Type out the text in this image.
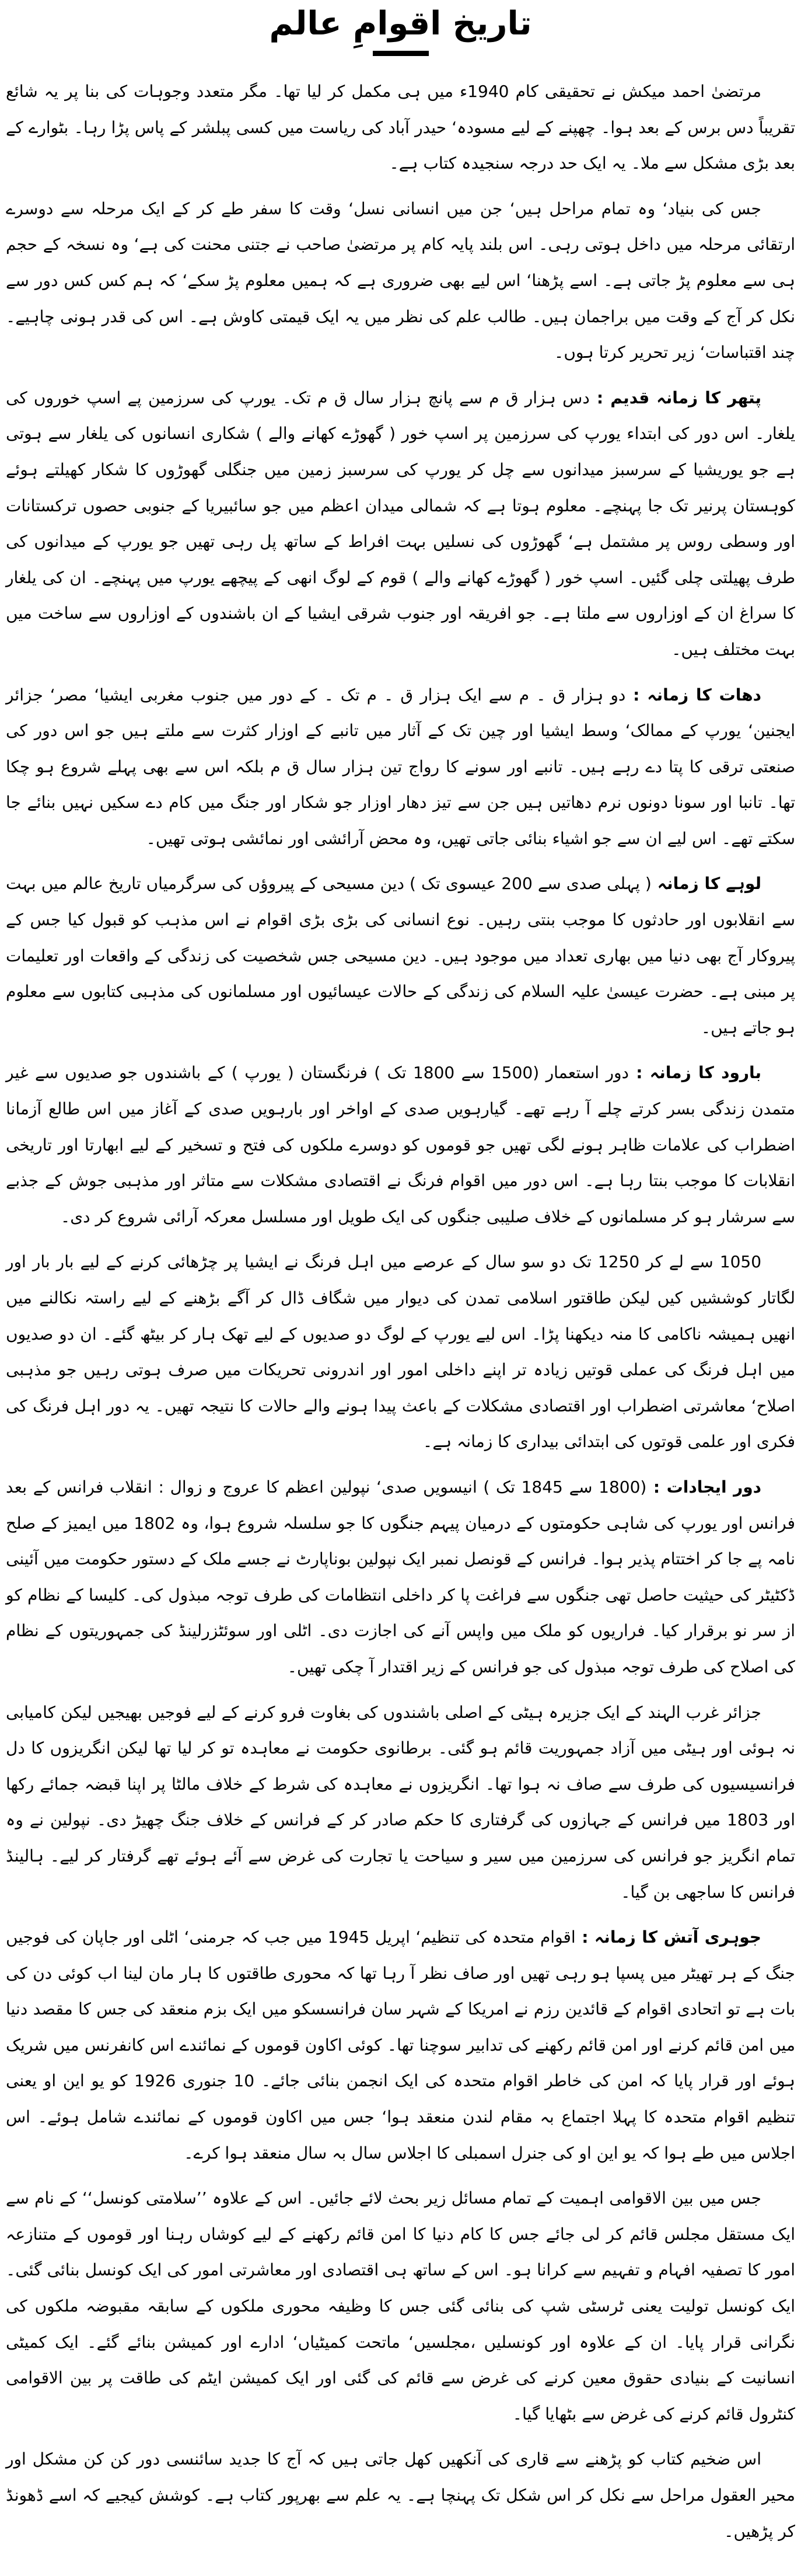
تاریخ اقوامِ عالم

مرتضیٰ احمد میکش نے تحقیقی کام 1940ء میں ہی مکمل کر لیا تھا۔ مگر متعدد وجوہات کی بنا پر یہ شائع تقریباً دس برس کے بعد ہوا۔ چھپنے کے لیے مسودہ‘ حیدر آباد کی ریاست میں کسی پبلشر کے پاس پڑا رہا۔ بٹوارے کے بعد بڑی مشکل سے ملا۔ یہ ایک حد درجہ سنجیدہ کتاب ہے۔

جس کی بنیاد‘ وہ تمام مراحل ہیں‘ جن میں انسانی نسل‘ وقت کا سفر طے کر کے ایک مرحلہ سے دوسرے ارتقائی مرحلہ میں داخل ہوتی رہی۔ اس بلند پایہ کام پر مرتضیٰ صاحب نے جتنی محنت کی ہے‘ وہ نسخہ کے حجم ہی سے معلوم پڑ جاتی ہے۔ اسے پڑھنا‘ اس لیے بھی ضروری ہے کہ ہمیں معلوم پڑ سکے‘ کہ ہم کس کس دور سے نکل کر آج کے وقت میں براجمان ہیں۔ طالب علم کی نظر میں یہ ایک قیمتی کاوش ہے۔ اس کی قدر ہونی چاہیے۔ چند اقتباسات‘ زیر تحریر کرتا ہوں۔

پتھر کا زمانہ قدیم : دس ہزار ق م سے پانچ ہزار سال ق م تک۔ یورپ کی سرزمین پے اسپ خوروں کی یلغار۔ اس دور کی ابتداء یورپ کی سرزمین پر اسپ خور ( گھوڑے کھانے والے ) شکاری انسانوں کی یلغار سے ہوتی ہے جو یوریشیا کے سرسبز میدانوں سے چل کر یورپ کی سرسبز زمین میں جنگلی گھوڑوں کا شکار کھیلتے ہوئے کوہستان پرنیر تک جا پہنچے۔ معلوم ہوتا ہے کہ شمالی میدان اعظم میں جو سائبیریا کے جنوبی حصوں ترکستانات اور وسطی روس پر مشتمل ہے‘ گھوڑوں کی نسلیں بہت افراط کے ساتھ پل رہی تھیں جو یورپ کے میدانوں کی طرف پھیلتی چلی گئیں۔ اسپ خور ( گھوڑے کھانے والے ) قوم کے لوگ انھی کے پیچھے یورپ میں پہنچے۔ ان کی یلغار کا سراغ ان کے اوزاروں سے ملتا ہے۔ جو افریقہ اور جنوب شرقی ایشیا کے ان باشندوں کے اوزاروں سے ساخت میں بہت مختلف ہیں۔

دھات کا زمانہ : دو ہزار ق ۔ م سے ایک ہزار ق ۔ م تک ۔ کے دور میں جنوب مغربی ایشیا‘ مصر‘ جزائر ایجنین‘ یورپ کے ممالک‘ وسط ایشیا اور چین تک کے آثار میں تانبے کے اوزار کثرت سے ملتے ہیں جو اس دور کی صنعتی ترقی کا پتا دے رہے ہیں۔ تانبے اور سونے کا رواج تین ہزار سال ق م بلکہ اس سے بھی پہلے شروع ہو چکا تھا۔ تانبا اور سونا دونوں نرم دھاتیں ہیں جن سے تیز دھار اوزار جو شکار اور جنگ میں کام دے سکیں نہیں بنائے جا سکتے تھے۔ اس لیے ان سے جو اشیاء بنائی جاتی تھیں، وہ محض آرائشی اور نمائشی ہوتی تھیں۔

لوہے کا زمانہ ( پہلی صدی سے 200 عیسوی تک ) دین مسیحی کے پیروؤں کی سرگرمیاں تاریخ عالم میں بہت سے انقلابوں اور حادثوں کا موجب بنتی رہیں۔ نوع انسانی کی بڑی بڑی اقوام نے اس مذہب کو قبول کیا جس کے پیروکار آج بھی دنیا میں بھاری تعداد میں موجود ہیں۔ دین مسیحی جس شخصیت کی زندگی کے واقعات اور تعلیمات پر مبنی ہے۔ حضرت عیسیٰ علیہ السلام کی زندگی کے حالات عیسائیوں اور مسلمانوں کی مذہبی کتابوں سے معلوم ہو جاتے ہیں۔

بارود کا زمانہ : دور استعمار (1500 سے 1800 تک ) فرنگستان ( یورپ ) کے باشندوں جو صدیوں سے غیر متمدن زندگی بسر کرتے چلے آ رہے تھے۔ گیارہویں صدی کے اواخر اور بارہویں صدی کے آغاز میں اس طالع آزمانا اضطراب کی علامات ظاہر ہونے لگی تھیں جو قوموں کو دوسرے ملکوں کی فتح و تسخیر کے لیے ابھارتا اور تاریخی انقلابات کا موجب بنتا رہا ہے۔ اس دور میں اقوام فرنگ نے اقتصادی مشکلات سے متاثر اور مذہبی جوش کے جذبے سے سرشار ہو کر مسلمانوں کے خلاف صلیبی جنگوں کی ایک طویل اور مسلسل معرکہ آرائی شروع کر دی۔

1050 سے لے کر 1250 تک دو سو سال کے عرصے میں اہل فرنگ نے ایشیا پر چڑھائی کرنے کے لیے بار بار اور لگاتار کوششیں کیں لیکن طاقتور اسلامی تمدن کی دیوار میں شگاف ڈال کر آگے بڑھنے کے لیے راستہ نکالنے میں انھیں ہمیشہ ناکامی کا منہ دیکھنا پڑا۔ اس لیے یورپ کے لوگ دو صدیوں کے لیے تھک ہار کر بیٹھ گئے۔ ان دو صدیوں میں اہل فرنگ کی عملی قوتیں زیادہ تر اپنے داخلی امور اور اندرونی تحریکات میں صرف ہوتی رہیں جو مذہبی اصلاح‘ معاشرتی اضطراب اور اقتصادی مشکلات کے باعث پیدا ہونے والے حالات کا نتیجہ تھیں۔ یہ دور اہل فرنگ کی فکری اور علمی قوتوں کی ابتدائی بیداری کا زمانہ ہے۔

دور ایجادات : (1800 سے 1845 تک ) انیسویں صدی‘ نپولین اعظم کا عروج و زوال : انقلاب فرانس کے بعد فرانس اور یورپ کی شاہی حکومتوں کے درمیان پیہم جنگوں کا جو سلسلہ شروع ہوا، وہ 1802 میں ایمیز کے صلح نامہ پے جا کر اختتام پذیر ہوا۔ فرانس کے قونصل نمبر ایک نپولین بوناپارٹ نے جسے ملک کے دستور حکومت میں آئینی ڈکٹیٹر کی حیثیت حاصل تھی جنگوں سے فراغت پا کر داخلی انتظامات کی طرف توجہ مبذول کی۔ کلیسا کے نظام کو از سر نو برقرار کیا۔ فراریوں کو ملک میں واپس آنے کی اجازت دی۔ اٹلی اور سوئٹزرلینڈ کی جمہوریتوں کے نظام کی اصلاح کی طرف توجہ مبذول کی جو فرانس کے زیر اقتدار آ چکی تھیں۔

جزائر غرب الہند کے ایک جزیرہ ہیٹی کے اصلی باشندوں کی بغاوت فرو کرنے کے لیے فوجیں بھیجیں لیکن کامیابی نہ ہوئی اور ہیٹی میں آزاد جمہوریت قائم ہو گئی۔ برطانوی حکومت نے معاہدہ تو کر لیا تھا لیکن انگریزوں کا دل فرانسیسیوں کی طرف سے صاف نہ ہوا تھا۔ انگریزوں نے معاہدہ کی شرط کے خلاف مالٹا پر اپنا قبضہ جمائے رکھا اور 1803 میں فرانس کے جہازوں کی گرفتاری کا حکم صادر کر کے فرانس کے خلاف جنگ چھیڑ دی۔ نپولین نے وہ تمام انگریز جو فرانس کی سرزمین میں سیر و سیاحت یا تجارت کی غرض سے آئے ہوئے تھے گرفتار کر لیے۔ ہالینڈ فرانس کا ساجھی بن گیا۔

جوہری آتش کا زمانہ : اقوام متحدہ کی تنظیم‘ اپریل 1945 میں جب کہ جرمنی‘ اٹلی اور جاپان کی فوجیں جنگ کے ہر تھیٹر میں پسپا ہو رہی تھیں اور صاف نظر آ رہا تھا کہ محوری طاقتوں کا ہار مان لینا اب کوئی دن کی بات ہے تو اتحادی اقوام کے قائدین رزم نے امریکا کے شہر سان فرانسسکو میں ایک بزم منعقد کی جس کا مقصد دنیا میں امن قائم کرنے اور امن قائم رکھنے کی تدابیر سوچنا تھا۔ کوئی اکاون قوموں کے نمائندے اس کانفرنس میں شریک ہوئے اور قرار پایا کہ امن کی خاطر اقوام متحدہ کی ایک انجمن بنائی جائے۔ 10 جنوری 1926 کو یو این او یعنی تنظیم اقوام متحدہ کا پہلا اجتماع بہ مقام لندن منعقد ہوا‘ جس میں اکاون قوموں کے نمائندے شامل ہوئے۔ اس اجلاس میں طے ہوا کہ یو این او کی جنرل اسمبلی کا اجلاس سال بہ سال منعقد ہوا کرے۔

جس میں بین الاقوامی اہمیت کے تمام مسائل زیر بحث لائے جائیں۔ اس کے علاوہ ’’سلامتی کونسل‘‘ کے نام سے ایک مستقل مجلس قائم کر لی جائے جس کا کام دنیا کا امن قائم رکھنے کے لیے کوشاں رہنا اور قوموں کے متنازعہ امور کا تصفیہ افہام و تفہیم سے کرانا ہو۔ اس کے ساتھ ہی اقتصادی اور معاشرتی امور کی ایک کونسل بنائی گئی۔ ایک کونسل تولیت یعنی ٹرسٹی شپ کی بنائی گئی جس کا وظیفہ محوری ملکوں کے سابقہ مقبوضہ ملکوں کی نگرانی قرار پایا۔ ان کے علاوہ اور کونسلیں ،مجلسیں‘ ماتحت کمیٹیاں‘ ادارے اور کمیشن بنائے گئے۔ ایک کمیٹی انسانیت کے بنیادی حقوق معین کرنے کی غرض سے قائم کی گئی اور ایک کمیشن ایٹم کی طاقت پر بین الاقوامی کنٹرول قائم کرنے کی غرض سے بٹھایا گیا۔

اس ضخیم کتاب کو پڑھنے سے قاری کی آنکھیں کھل جاتی ہیں کہ آج کا جدید سائنسی دور کن کن مشکل اور محیر العقول مراحل سے نکل کر اس شکل تک پہنچا ہے۔ یہ علم سے بھرپور کتاب ہے۔ کوشش کیجیے کہ اسے ڈھونڈ کر پڑھیں۔
